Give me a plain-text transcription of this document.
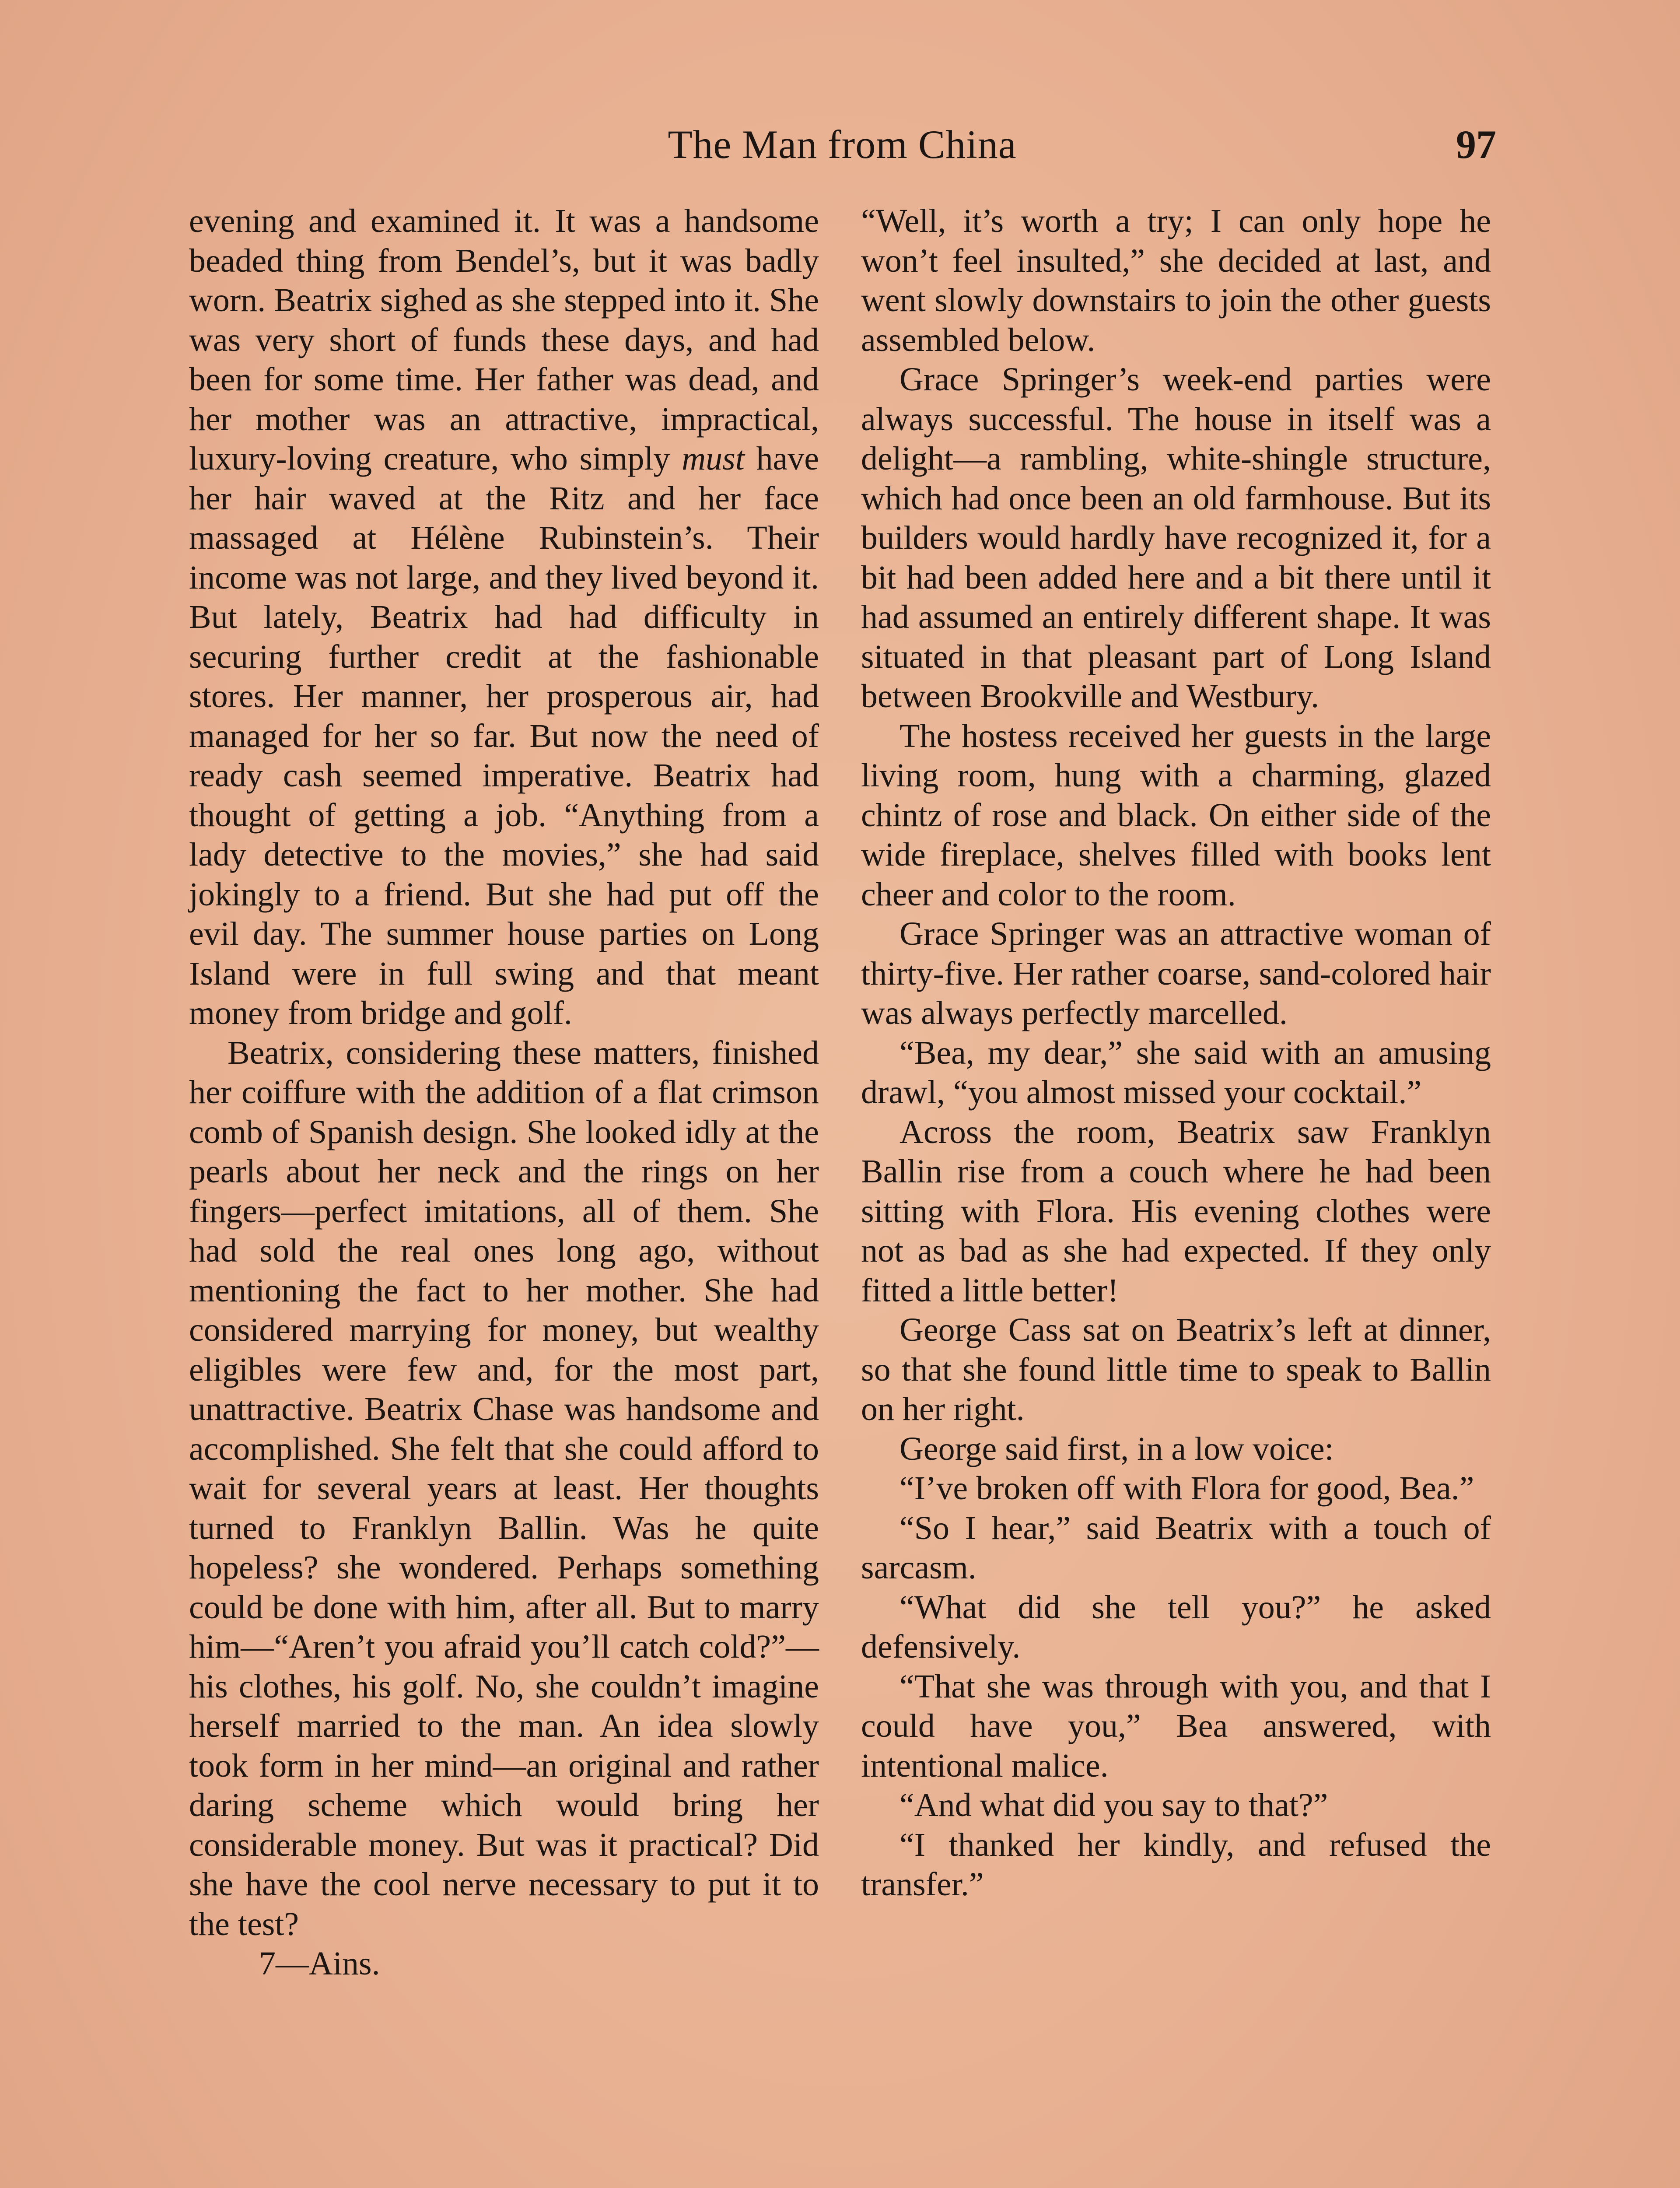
The Man from China	97

evening and examined it. It was a handsome beaded thing from Bendel’s, but it was badly worn. Beatrix sighed as she stepped into it. She was very short of funds these days, and had been for some time. Her father was dead, and her mother was an attractive, impractical, luxury-loving creature, who simply must have her hair waved at the Ritz and her face massaged at Hélène Rubinstein’s. Their income was not large, and they lived beyond it. But lately, Beatrix had had difficulty in securing further credit at the fashionable stores. Her manner, her prosperous air, had managed for her so far. But now the need of ready cash seemed imperative. Beatrix had thought of getting a job. “Anything from a lady detective to the movies,” she had said jokingly to a friend. But she had put off the evil day. The summer house parties on Long Island were in full swing and that meant money from bridge and golf.

Beatrix, considering these matters, finished her coiffure with the addition of a flat crimson comb of Spanish design. She looked idly at the pearls about her neck and the rings on her fingers—perfect imitations, all of them. She had sold the real ones long ago, without mentioning the fact to her mother. She had considered marrying for money, but wealthy eligibles were few and, for the most part, unattractive. Beatrix Chase was handsome and accomplished. She felt that she could afford to wait for several years at least. Her thoughts turned to Franklyn Ballin. Was he quite hopeless? she wondered. Perhaps something could be done with him, after all. But to marry him—“Aren’t you afraid you’ll catch cold?”—his clothes, his golf. No, she couldn’t imagine herself married to the man. An idea slowly took form in her mind—an original and rather daring scheme which would bring her considerable money. But was it practical? Did she have the cool nerve necessary to put it to the test?

7—Ains.

“Well, it’s worth a try; I can only hope he won’t feel insulted,” she decided at last, and went slowly downstairs to join the other guests assembled below.

Grace Springer’s week-end parties were always successful. The house in itself was a delight—a rambling, white-shingle structure, which had once been an old farmhouse. But its builders would hardly have recognized it, for a bit had been added here and a bit there until it had assumed an entirely different shape. It was situated in that pleasant part of Long Island between Brookville and Westbury.

The hostess received her guests in the large living room, hung with a charming, glazed chintz of rose and black. On either side of the wide fireplace, shelves filled with books lent cheer and color to the room.

Grace Springer was an attractive woman of thirty-five. Her rather coarse, sand-colored hair was always perfectly marcelled.

“Bea, my dear,” she said with an amusing drawl, “you almost missed your cocktail.”

Across the room, Beatrix saw Franklyn Ballin rise from a couch where he had been sitting with Flora. His evening clothes were not as bad as she had expected. If they only fitted a little better!

George Cass sat on Beatrix’s left at dinner, so that she found little time to speak to Ballin on her right.

George said first, in a low voice:

“I’ve broken off with Flora for good, Bea.”

“So I hear,” said Beatrix with a touch of sarcasm.

“What did she tell you?” he asked defensively.

“That she was through with you, and that I could have you,” Bea answered, with intentional malice.

“And what did you say to that?”

“I thanked her kindly, and refused the transfer.”
